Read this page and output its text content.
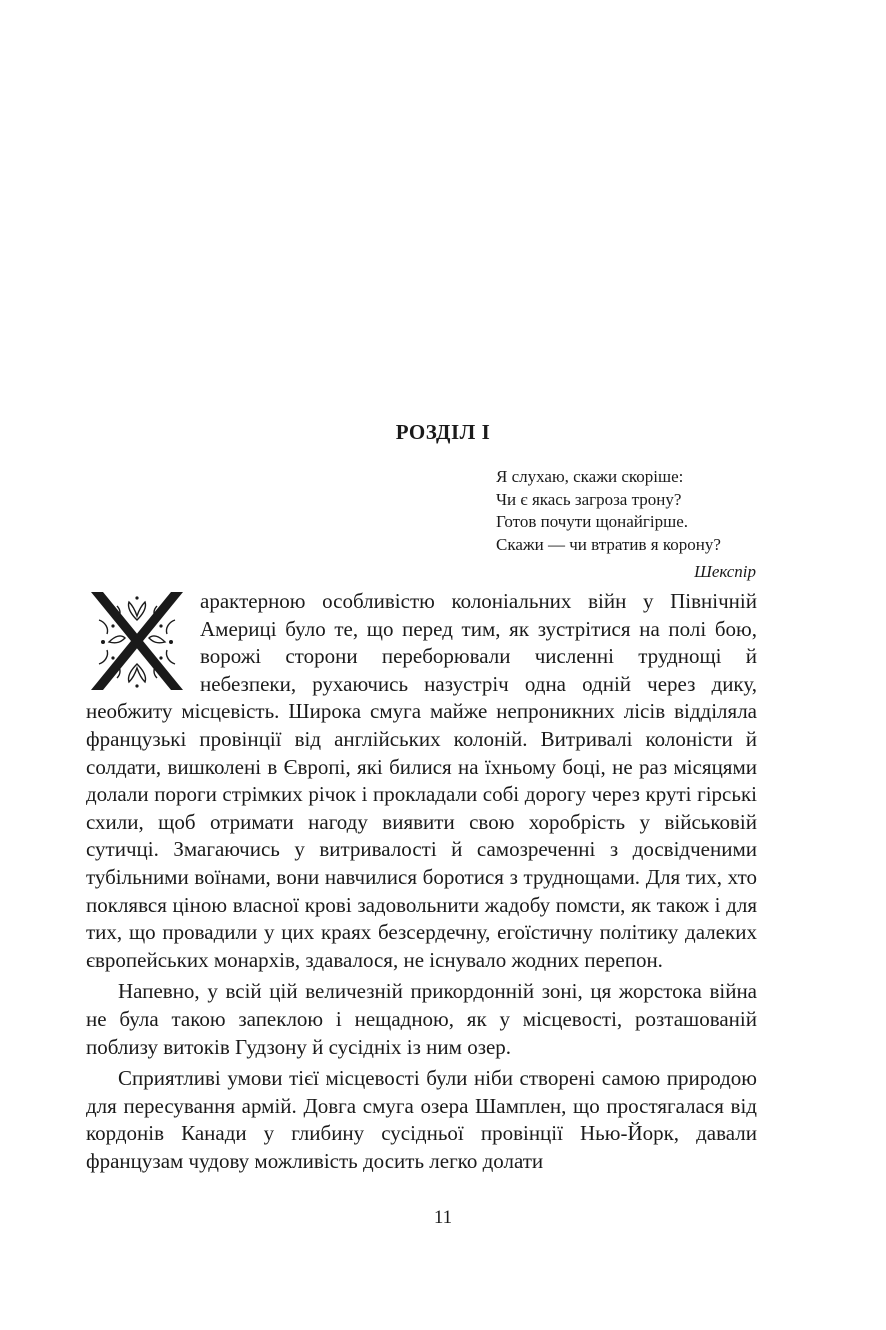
РОЗДІЛ I
Я слухаю, скажи скоріше:
Чи є якась загроза трону?
Готов почути щонайгірше.
Скажи — чи втратив я корону?
Шекспір

арактерною особливістю колоніальних війн у Північній Америці було те, що перед тим, як зустрітися на полі бою, ворожі сторони переборювали численні труднощі й небезпеки, рухаючись назустріч одна одній через дику, необжиту місцевість. Широка смуга майже непроникних лісів відділяла французькі провінції від англійських колоній. Витривалі колоністи й солдати, вишколені в Європі, які билися на їхньому боці, не раз місяцями долали пороги стрімких річок і прокладали собі дорогу через круті гірські схили, щоб отримати нагоду виявити свою хоробрість у військовій сутичці. Змагаючись у витривалості й самозреченні з досвідченими тубільними воїнами, вони навчилися боротися з труднощами. Для тих, хто поклявся ціною власної крові задовольнити жадобу помсти, як також і для тих, що провадили у цих краях безсердечну, егоїстичну політику далеких європейських монархів, здавалося, не існувало жодних перепон.

Напевно, у всій цій величезній прикордонній зоні, ця жорстока війна не була такою запеклою і нещадною, як у місцевості, розташованій поблизу витоків Гудзону й сусідніх із ним озер.

Сприятливі умови тієї місцевості були ніби створені самою природою для пересування армій. Довга смуга озера Шамплен, що простягалася від кордонів Канади у глибину сусідньої провінції Нью-Йорк, давали французам чудову можливість досить легко долати

11
